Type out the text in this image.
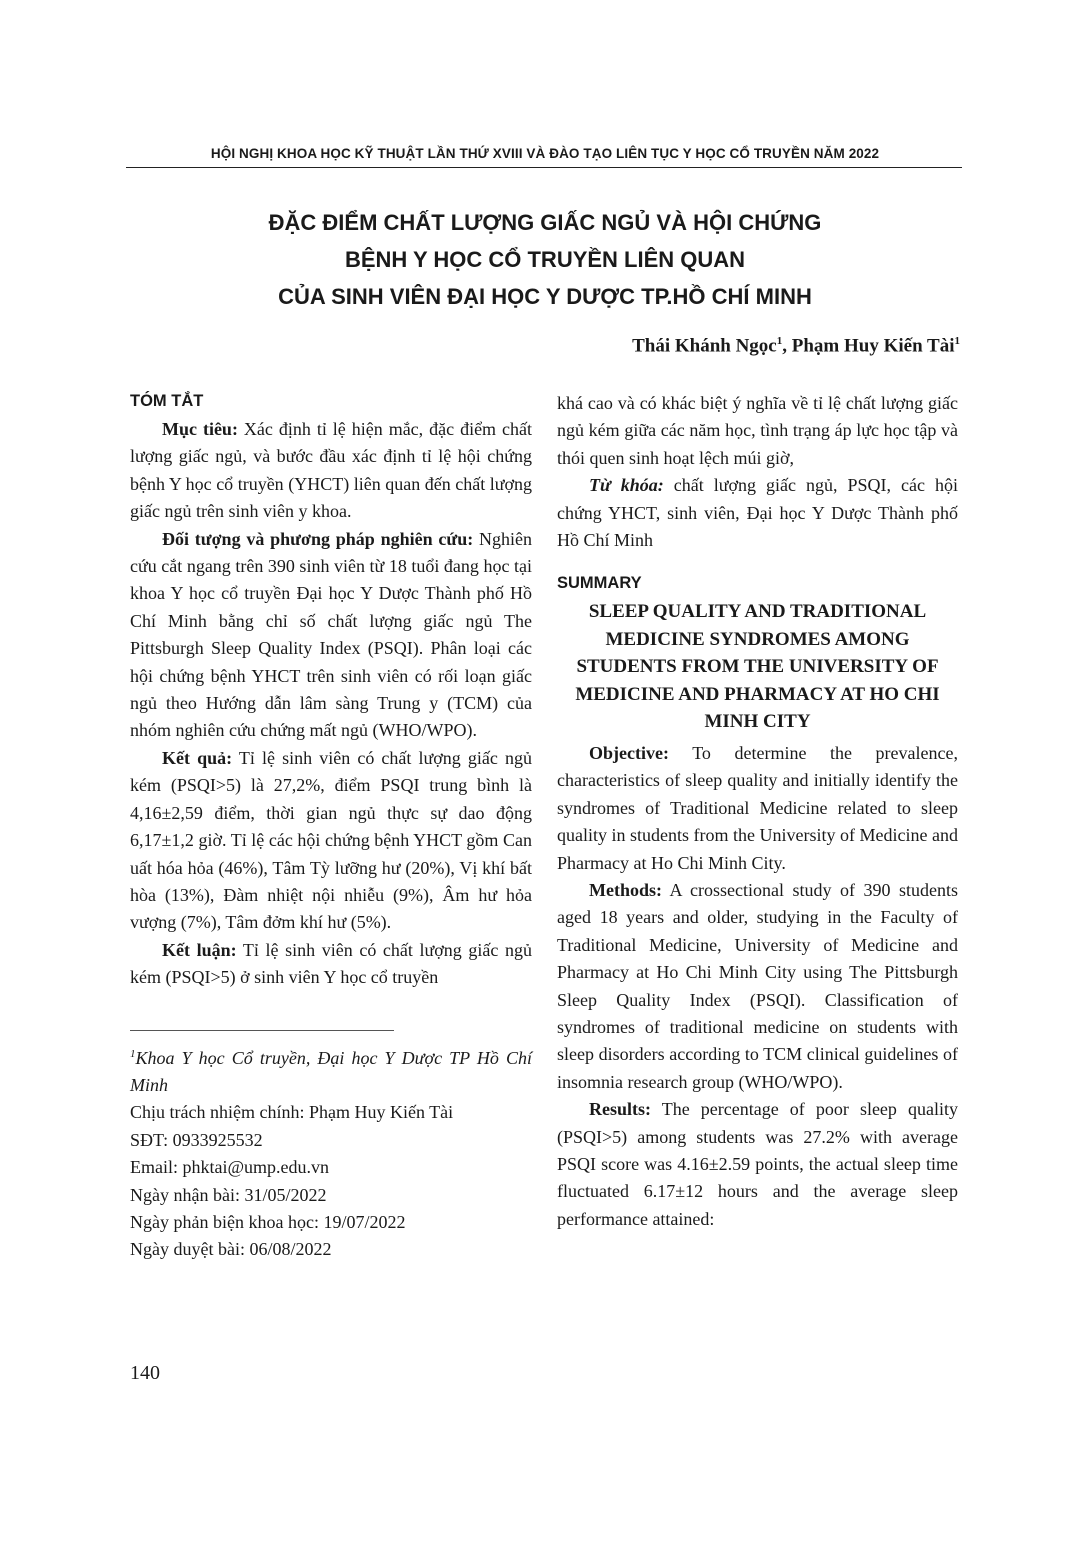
HỘI NGHỊ KHOA HỌC KỸ THUẬT LẦN THỨ XVIII VÀ ĐÀO TẠO LIÊN TỤC Y HỌC CỔ TRUYỀN NĂM 2022
ĐẶC ĐIỂM CHẤT LƯỢNG GIẤC NGỦ VÀ HỘI CHỨNG
BỆNH Y HỌC CỔ TRUYỀN LIÊN QUAN
CỦA SINH VIÊN ĐẠI HỌC Y DƯỢC TP.HỒ CHÍ MINH
Thái Khánh Ngọc$^1$, Phạm Huy Kiến Tài$^1$
TÓM TẮT

Mục tiêu: Xác định tỉ lệ hiện mắc, đặc điểm chất lượng giấc ngủ, và bước đầu xác định tỉ lệ hội chứng bệnh Y học cổ truyền (YHCT) liên quan đến chất lượng giấc ngủ trên sinh viên y khoa.

Đối tượng và phương pháp nghiên cứu: Nghiên cứu cắt ngang trên 390 sinh viên từ 18 tuổi đang học tại khoa Y học cổ truyền Đại học Y Dược Thành phố Hồ Chí Minh bằng chỉ số chất lượng giấc ngủ The Pittsburgh Sleep Quality Index (PSQI). Phân loại các hội chứng bệnh YHCT trên sinh viên có rối loạn giấc ngủ theo Hướng dẫn lâm sàng Trung y (TCM) của nhóm nghiên cứu chứng mất ngủ (WHO/WPO).

Kết quả: Tỉ lệ sinh viên có chất lượng giấc ngủ kém (PSQI>5) là 27,2%, điểm PSQI trung bình là 4,16±2,59 điểm, thời gian ngủ thực sự dao động 6,17±1,2 giờ. Tỉ lệ các hội chứng bệnh YHCT gồm Can uất hóa hỏa (46%), Tâm Tỳ lưỡng hư (20%), Vị khí bất hòa (13%), Đàm nhiệt nội nhiễu (9%), Âm hư hỏa vượng (7%), Tâm đởm khí hư (5%).

Kết luận: Tỉ lệ sinh viên có chất lượng giấc ngủ kém (PSQI>5) ở sinh viên Y học cổ truyền

$^1$Khoa Y học Cổ truyền, Đại học Y Dược TP Hồ Chí Minh

Chịu trách nhiệm chính: Phạm Huy Kiến Tài

SĐT: 0933925532

Email: phktai@ump.edu.vn

Ngày nhận bài: 31/05/2022

Ngày phản biện khoa học: 19/07/2022

Ngày duyệt bài: 06/08/2022

khá cao và có khác biệt ý nghĩa về tỉ lệ chất lượng giấc ngủ kém giữa các năm học, tình trạng áp lực học tập và thói quen sinh hoạt lệch múi giờ,

Từ khóa: chất lượng giấc ngủ, PSQI, các hội chứng YHCT, sinh viên, Đại học Y Dược Thành phố Hồ Chí Minh

SUMMARY
SLEEP QUALITY AND TRADITIONAL MEDICINE SYNDROMES AMONG STUDENTS FROM THE UNIVERSITY OF MEDICINE AND PHARMACY AT HO CHI MINH CITY

Objective: To determine the prevalence, characteristics of sleep quality and initially identify the syndromes of Traditional Medicine related to sleep quality in students from the University of Medicine and Pharmacy at Ho Chi Minh City.

Methods: A crossectional study of 390 students aged 18 years and older, studying in the Faculty of Traditional Medicine, University of Medicine and Pharmacy at Ho Chi Minh City using The Pittsburgh Sleep Quality Index (PSQI). Classification of syndromes of traditional medicine on students with sleep disorders according to TCM clinical guidelines of insomnia research group (WHO/WPO).

Results: The percentage of poor sleep quality (PSQI>5) among students was 27.2% with average PSQI score was 4.16±2.59 points, the actual sleep time fluctuated 6.17±12 hours and the average sleep performance attained:

140
